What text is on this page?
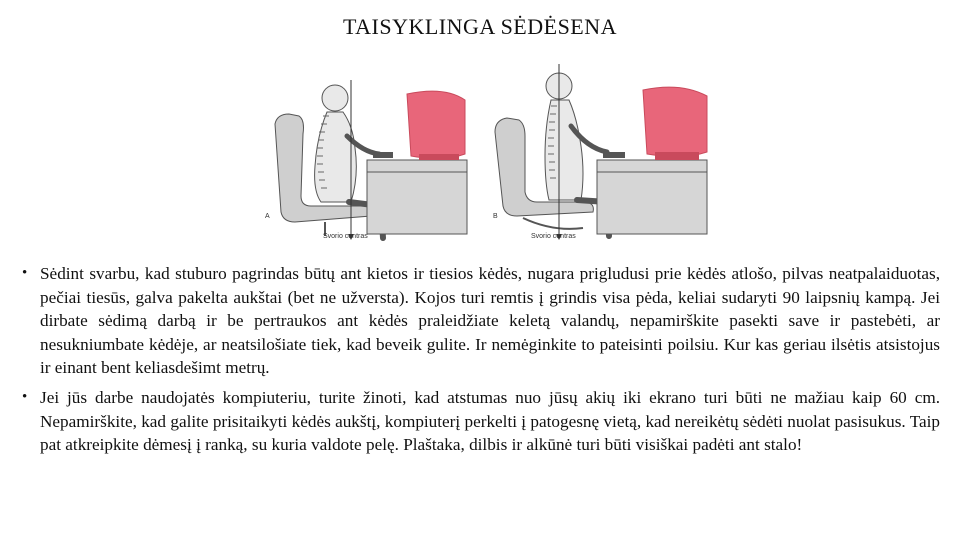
TAISYKLINGA SĖDĖSENA
A
Svorio centras
B
Svorio centras
• Sėdint svarbu, kad stuburo pagrindas būtų ant kietos ir tiesios kėdės, nugara prigludusi prie kėdės atlošo, pilvas neatpalaiduotas, pečiai tiesūs, galva pakelta aukštai (bet ne užversta). Kojos turi remtis į grindis visa pėda, keliai sudaryti 90 laipsnių kampą. Jei dirbate sėdimą darbą ir be pertraukos ant kėdės praleidžiate keletą valandų, nepamirškite pasekti save ir pastebėti, ar nesukniumbate kėdėje, ar neatsilošiate tiek, kad beveik gulite. Ir nemėginkite to pateisinti poilsiu. Kur kas geriau ilsėtis atsistojus ir einant bent keliasdešimt metrų.
• Jei jūs darbe naudojatės kompiuteriu, turite žinoti, kad atstumas nuo jūsų akių iki ekrano turi būti ne mažiau kaip 60 cm. Nepamirškite, kad galite prisitaikyti kėdės aukštį, kompiuterį perkelti į patogesnę vietą, kad nereikėtų sėdėti nuolat pasisukus. Taip pat atkreipkite dėmesį į ranką, su kuria valdote pelę. Plaštaka, dilbis ir alkūnė turi būti visiškai padėti ant stalo!
